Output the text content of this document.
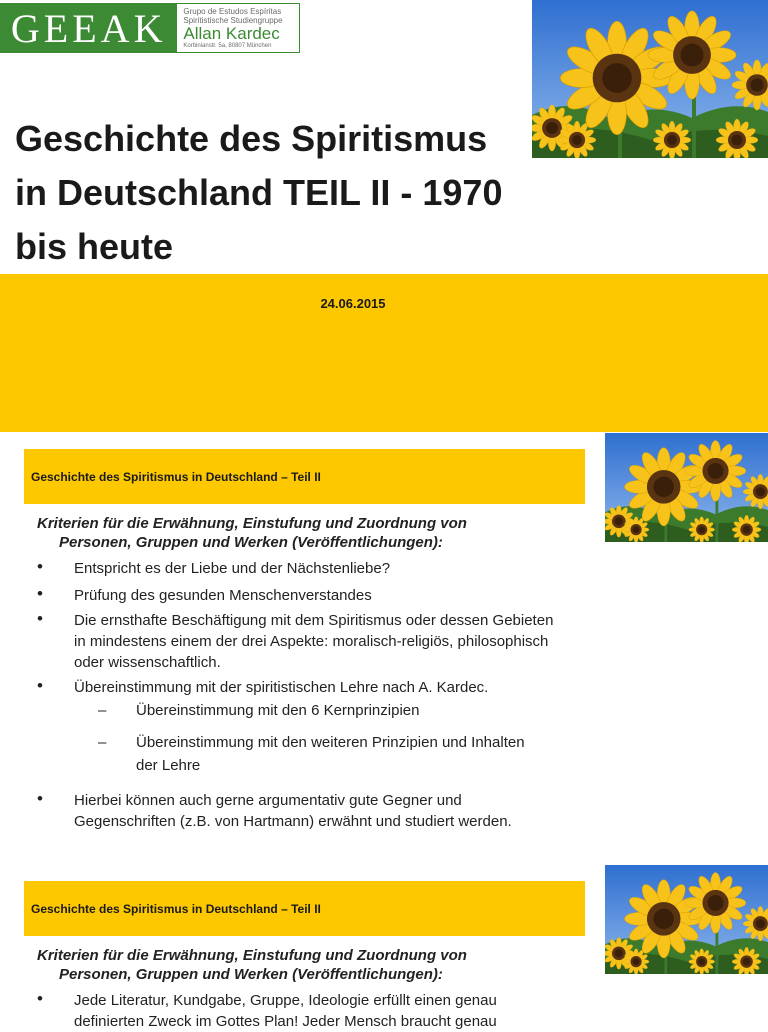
GEEAK	Grupo de Estudos Espíritas
Spiritistische Studiengruppe
Allan Kardec
Korbinianstr. 5a, 80807 München
Geschichte des Spiritismus in Deutschland TEIL II - 1970 bis heute
24.06.2015
Geschichte des Spiritismus in Deutschland – Teil II
Kriterien für die Erwähnung, Einstufung und Zuordnung von
Personen, Gruppen und Werken (Veröffentlichungen):
• Entspricht es der Liebe und der Nächstenliebe?
• Prüfung des gesunden Menschenverstandes
• Die ernsthafte Beschäftigung mit dem Spiritismus oder dessen Gebieten in mindestens einem der drei Aspekte: moralisch-religiös, philosophisch oder wissenschaftlich.
• Übereinstimmung mit der spiritistischen Lehre nach A. Kardec.
– Übereinstimmung mit den 6 Kernprinzipien
– Übereinstimmung mit den weiteren Prinzipien und Inhalten der Lehre
• Hierbei können auch gerne argumentativ gute Gegner und Gegenschriften (z.B. von Hartmann) erwähnt und studiert werden.
Geschichte des Spiritismus in Deutschland – Teil II
Kriterien für die Erwähnung, Einstufung und Zuordnung von
Personen, Gruppen und Werken (Veröffentlichungen):
• Jede Literatur, Kundgabe, Gruppe, Ideologie erfüllt einen genau definierten Zweck im Gottes Plan! Jeder Mensch braucht genau
